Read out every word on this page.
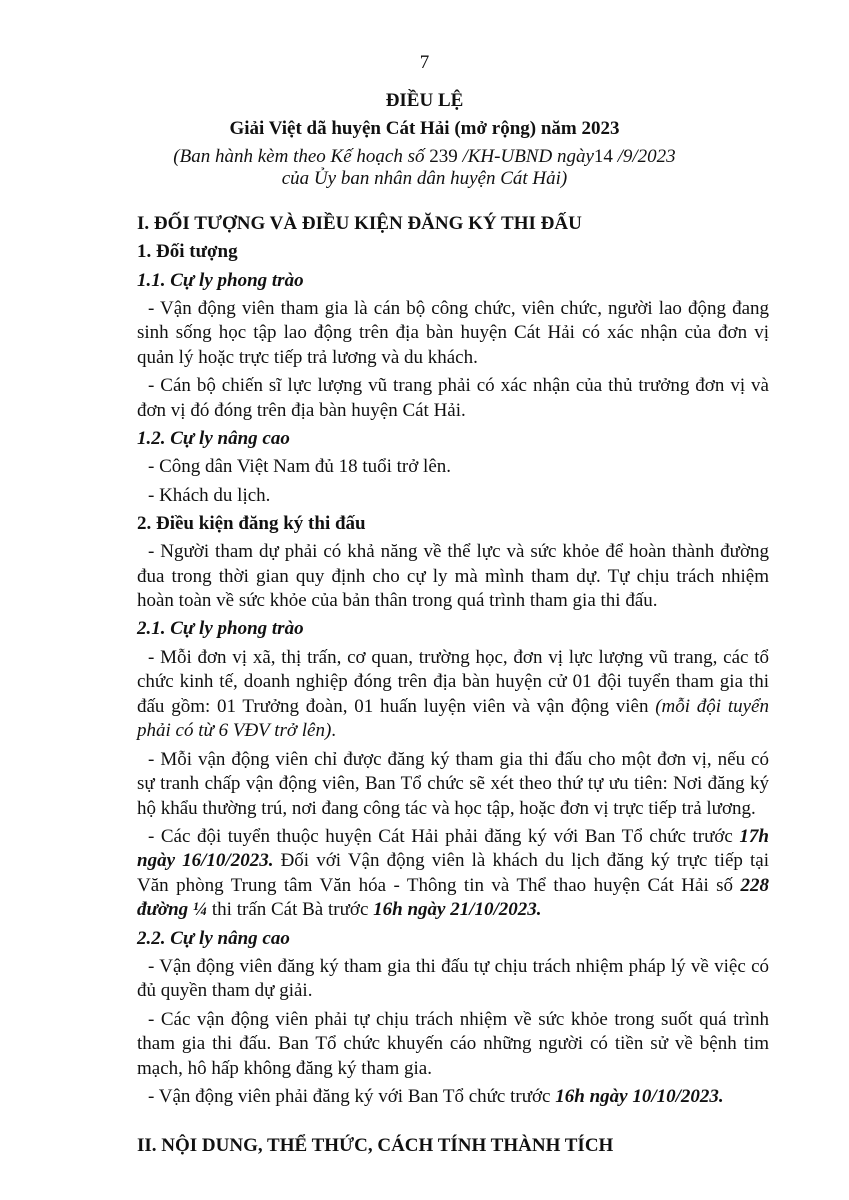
7
ĐIỀU LỆ
Giải Việt dã huyện Cát Hải (mở rộng) năm 2023
(Ban hành kèm theo Kế hoạch số 239 /KH-UBND ngày14 /9/2023
của Ủy ban nhân dân huyện Cát Hải)

I. ĐỐI TƯỢNG VÀ ĐIỀU KIỆN ĐĂNG KÝ THI ĐẤU

1. Đối tượng

1.1. Cự ly phong trào

- Vận động viên tham gia là cán bộ công chức, viên chức, người lao động đang sinh sống học tập lao động trên địa bàn huyện Cát Hải có xác nhận của đơn vị quản lý hoặc trực tiếp trả lương và du khách.

- Cán bộ chiến sĩ lực lượng vũ trang phải có xác nhận của thủ trưởng đơn vị và đơn vị đó đóng trên địa bàn huyện Cát Hải.

1.2. Cự ly nâng cao

- Công dân Việt Nam đủ 18 tuổi trở lên.

- Khách du lịch.

2. Điều kiện đăng ký thi đấu

- Người tham dự phải có khả năng về thể lực và sức khỏe để hoàn thành đường đua trong thời gian quy định cho cự ly mà mình tham dự. Tự chịu trách nhiệm hoàn toàn về sức khỏe của bản thân trong quá trình tham gia thi đấu.

2.1. Cự ly phong trào

- Mỗi đơn vị xã, thị trấn, cơ quan, trường học, đơn vị lực lượng vũ trang, các tổ chức kinh tế, doanh nghiệp đóng trên địa bàn huyện cử 01 đội tuyển tham gia thi đấu gồm: 01 Trưởng đoàn, 01 huấn luyện viên và vận động viên (mỗi đội tuyển phải có từ 6 VĐV trở lên).

- Mỗi vận động viên chỉ được đăng ký tham gia thi đấu cho một đơn vị, nếu có sự tranh chấp vận động viên, Ban Tổ chức sẽ xét theo thứ tự ưu tiên: Nơi đăng ký hộ khẩu thường trú, nơi đang công tác và học tập, hoặc đơn vị trực tiếp trả lương.

- Các đội tuyển thuộc huyện Cát Hải phải đăng ký với Ban Tổ chức trước 17h ngày 16/10/2023. Đối với Vận động viên là khách du lịch đăng ký trực tiếp tại Văn phòng Trung tâm Văn hóa - Thông tin và Thể thao huyện Cát Hải số 228 đường ¼ thi trấn Cát Bà trước 16h ngày 21/10/2023.

2.2. Cự ly nâng cao

- Vận động viên đăng ký tham gia thi đấu tự chịu trách nhiệm pháp lý về việc có đủ quyền tham dự giải.

- Các vận động viên phải tự chịu trách nhiệm về sức khỏe trong suốt quá trình tham gia thi đấu. Ban Tổ chức khuyến cáo những người có tiền sử về bệnh tim mạch, hô hấp không đăng ký tham gia.

- Vận động viên phải đăng ký với Ban Tổ chức trước 16h ngày 10/10/2023.

II. NỘI DUNG, THỂ THỨC, CÁCH TÍNH THÀNH TÍCH
